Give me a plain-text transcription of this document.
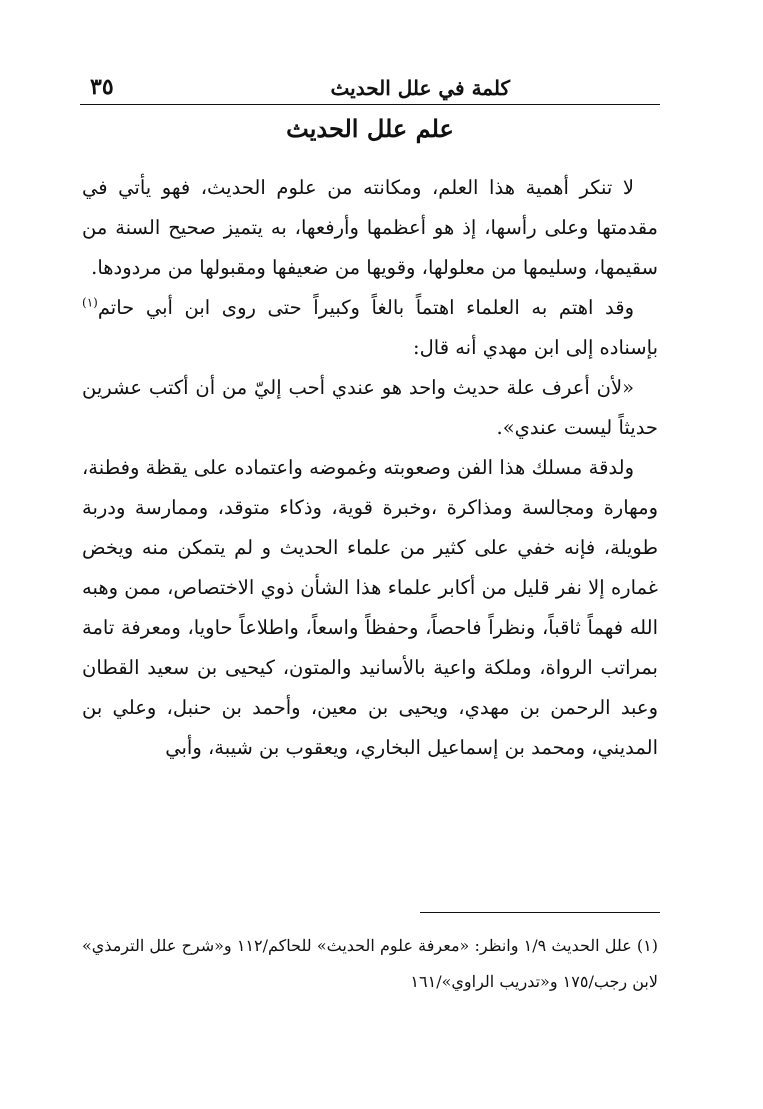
٣٥	كلمة في علل الحديث
علم علل الحديث

لا تنكر أهمية هذا العلم، ومكانته من علوم الحديث، فهو يأتي في مقدمتها وعلى رأسها، إذ هو أعظمها وأرفعها، به يتميز صحيح السنة من سقيمها، وسليمها من معلولها، وقويها من ضعيفها ومقبولها من مردودها.

وقد اهتم به العلماء اهتماً بالغاً وكبيراً حتى روى ابن أبي حاتم$^{(١)}$ بإسناده إلى ابن مهدي أنه قال:

«لأن أعرف علة حديث واحد هو عندي أحب إليّ من أن أكتب عشرين حديثاً ليست عندي».

ولدقة مسلك هذا الفن وصعوبته وغموضه واعتماده على يقظة وفطنة، ومهارة ومجالسة ومذاكرة ،وخبرة قوية، وذكاء متوقد، وممارسة ودربة طويلة، فإنه خفي على كثير من علماء الحديث و لم يتمكن منه ويخض غماره إلا نفر قليل من أكابر علماء هذا الشأن ذوي الاختصاص، ممن وهبه الله فهماً ثاقباً، ونظراً فاحصاً، وحفظاً واسعاً، واطلاعاً حاويا، ومعرفة تامة بمراتب الرواة، وملكة واعية بالأسانيد والمتون، كيحيى بن سعيد القطان وعبد الرحمن بن مهدي، ويحيى بن معين، وأحمد بن حنبل، وعلي بن المديني، ومحمد بن إسماعيل البخاري، ويعقوب بن شيبة، وأبي

(١) علل الحديث ١/٩ وانظر: «معرفة علوم الحديث» للحاكم/١١٢ و«شرح علل الترمذي» لابن رجب/١٧٥ و«تدريب الراوي»/١٦١
